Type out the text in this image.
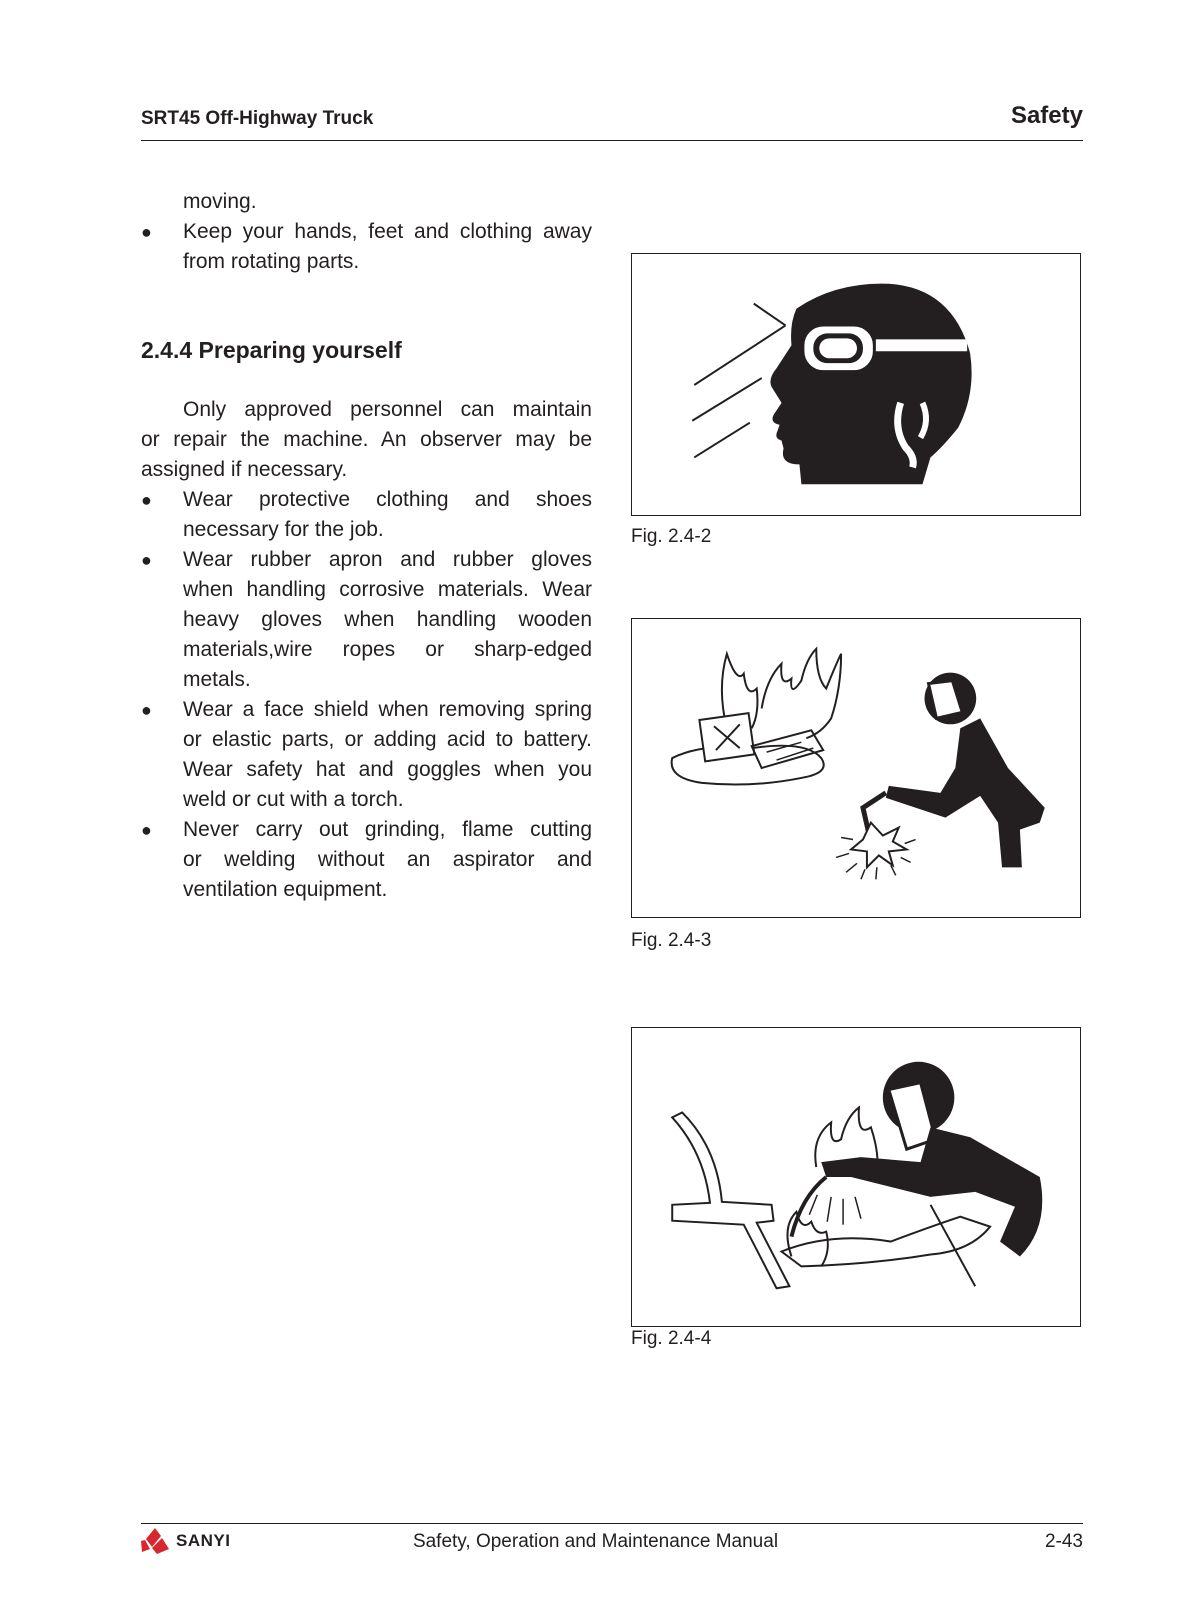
SRT45 Off-Highway Truck	Safety
moving.
● Keep your hands, feet and clothing away
from rotating parts.
2.4.4 Preparing yourself
Only approved personnel can maintain
or repair the machine. An observer may be
assigned if necessary.
● Wear protective clothing and shoes
necessary for the job.
● Wear rubber apron and rubber gloves
when handling corrosive materials. Wear
heavy gloves when handling wooden
materials,wire ropes or sharp-edged
metals.
● Wear a face shield when removing spring
or elastic parts, or adding acid to battery.
Wear safety hat and goggles when you
weld or cut with a torch.
● Never carry out grinding, flame cutting
or welding without an aspirator and
ventilation equipment.
Fig. 2.4-2
Fig. 2.4-3
Fig. 2.4-4
SANYI	Safety, Operation and Maintenance Manual	2-43
